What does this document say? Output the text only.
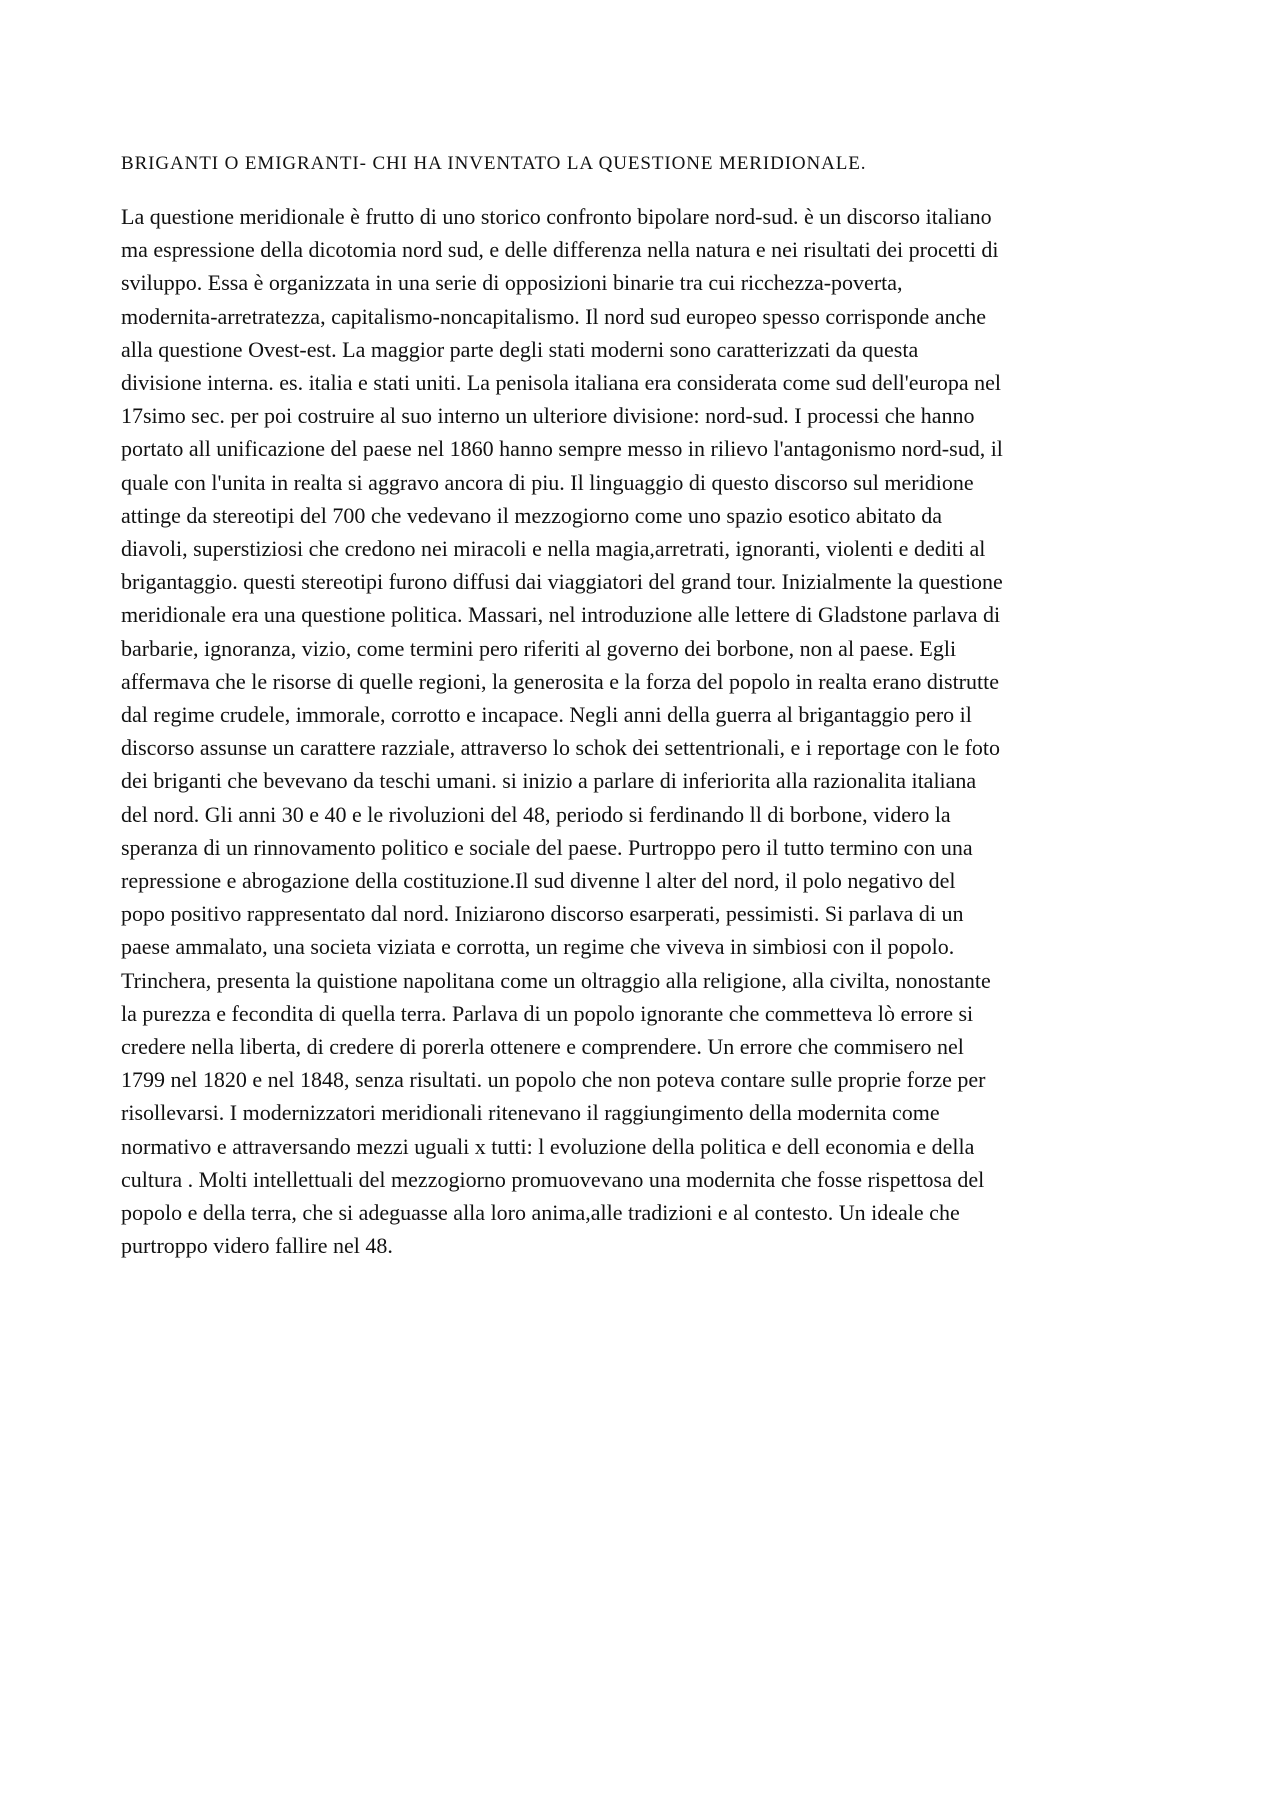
BRIGANTI O EMIGRANTI- CHI HA INVENTATO LA QUESTIONE MERIDIONALE.
La questione meridionale è frutto di uno storico confronto bipolare nord-sud. è un discorso italiano
ma espressione della dicotomia nord sud, e delle differenza nella natura e nei risultati dei procetti di
sviluppo. Essa è organizzata in una serie di opposizioni binarie tra cui ricchezza-poverta,
modernita-arretratezza, capitalismo-noncapitalismo. Il nord sud europeo spesso corrisponde anche
alla questione Ovest-est. La maggior parte degli stati moderni sono caratterizzati da questa
divisione interna. es. italia e stati uniti. La penisola italiana era considerata come sud dell'europa nel
17simo sec. per poi costruire al suo interno un ulteriore divisione: nord-sud. I processi che hanno
portato all unificazione del paese nel 1860 hanno sempre messo in rilievo l'antagonismo nord-sud, il
quale con l'unita in realta si aggravo ancora di piu. Il linguaggio di questo discorso sul meridione
attinge da stereotipi del 700 che vedevano il mezzogiorno come uno spazio esotico abitato da
diavoli, superstiziosi che credono nei miracoli e nella magia,arretrati, ignoranti, violenti e dediti al
brigantaggio. questi stereotipi furono diffusi dai viaggiatori del grand tour. Inizialmente la questione
meridionale era una questione politica. Massari, nel introduzione alle lettere di Gladstone parlava di
barbarie, ignoranza, vizio, come termini pero riferiti al governo dei borbone, non al paese. Egli
affermava che le risorse di quelle regioni, la generosita e la forza del popolo in realta erano distrutte
dal regime crudele, immorale, corrotto e incapace. Negli anni della guerra al brigantaggio pero il
discorso assunse un carattere razziale, attraverso lo schok dei settentrionali, e i reportage con le foto
dei briganti che bevevano da teschi umani. si inizio a parlare di inferiorita alla razionalita italiana
del nord. Gli anni 30 e 40 e le rivoluzioni del 48, periodo si ferdinando ll di borbone, videro la
speranza di un rinnovamento politico e sociale del paese. Purtroppo pero il tutto termino con una
repressione e abrogazione della costituzione.Il sud divenne l alter del nord, il polo negativo del
popo positivo rappresentato dal nord. Iniziarono discorso esarperati, pessimisti. Si parlava di un
paese ammalato, una societa viziata e corrotta, un regime che viveva in simbiosi con il popolo.
Trinchera, presenta la quistione napolitana come un oltraggio alla religione, alla civilta, nonostante
la purezza e fecondita di quella terra. Parlava di un popolo ignorante che commetteva lò errore si
credere nella liberta, di credere di porerla ottenere e comprendere. Un errore che commisero nel
1799 nel 1820 e nel 1848, senza risultati. un popolo che non poteva contare sulle proprie forze per
risollevarsi. I modernizzatori meridionali ritenevano il raggiungimento della modernita come
normativo e attraversando mezzi uguali x tutti: l evoluzione della politica e dell economia e della
cultura . Molti intellettuali del mezzogiorno promuovevano una modernita che fosse rispettosa del
popolo e della terra, che si adeguasse alla loro anima,alle tradizioni e al contesto. Un ideale che
purtroppo videro fallire nel 48.
